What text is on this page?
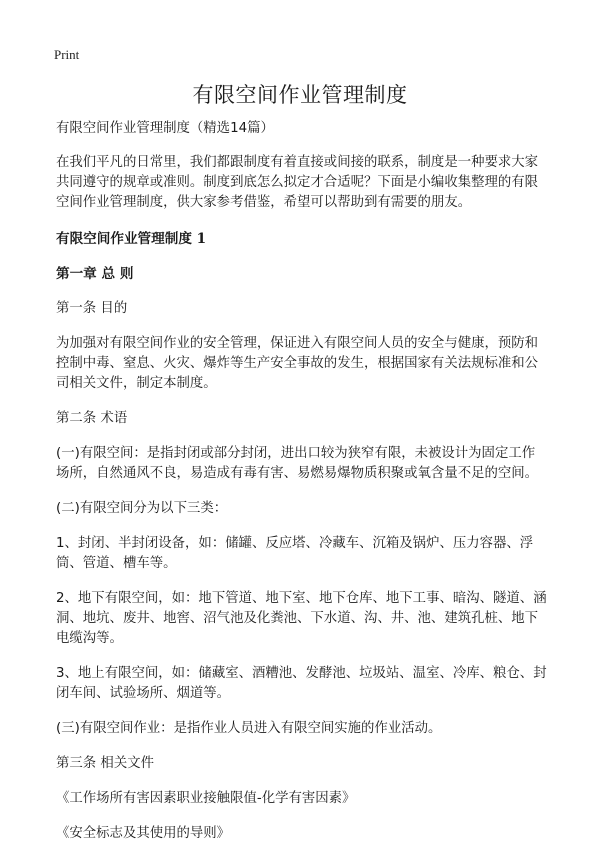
Print
有限空间作业管理制度

有限空间作业管理制度（精选14篇）

在我们平凡的日常里，我们都跟制度有着直接或间接的联系，制度是一种要求大家共同遵守的规章或准则。制度到底怎么拟定才合适呢？下面是小编收集整理的有限空间作业管理制度，供大家参考借鉴，希望可以帮助到有需要的朋友。

有限空间作业管理制度 1

第一章 总 则

第一条 目的

为加强对有限空间作业的安全管理，保证进入有限空间人员的安全与健康，预防和控制中毒、窒息、火灾、爆炸等生产安全事故的发生，根据国家有关法规标准和公司相关文件，制定本制度。

第二条 术语

(一)有限空间：是指封闭或部分封闭，进出口较为狭窄有限，未被设计为固定工作场所，自然通风不良，易造成有毒有害、易燃易爆物质积聚或氧含量不足的空间。

(二)有限空间分为以下三类：

1、封闭、半封闭设备，如：储罐、反应塔、冷藏车、沉箱及锅炉、压力容器、浮筒、管道、槽车等。

2、地下有限空间，如：地下管道、地下室、地下仓库、地下工事、暗沟、隧道、涵洞、地坑、废井、地窖、沼气池及化粪池、下水道、沟、井、池、建筑孔桩、地下电缆沟等。

3、地上有限空间，如：储藏室、酒糟池、发酵池、垃圾站、温室、冷库、粮仓、封闭车间、试验场所、烟道等。

(三)有限空间作业：是指作业人员进入有限空间实施的作业活动。

第三条 相关文件

《工作场所有害因素职业接触限值-化学有害因素》

《安全标志及其使用的导则》
